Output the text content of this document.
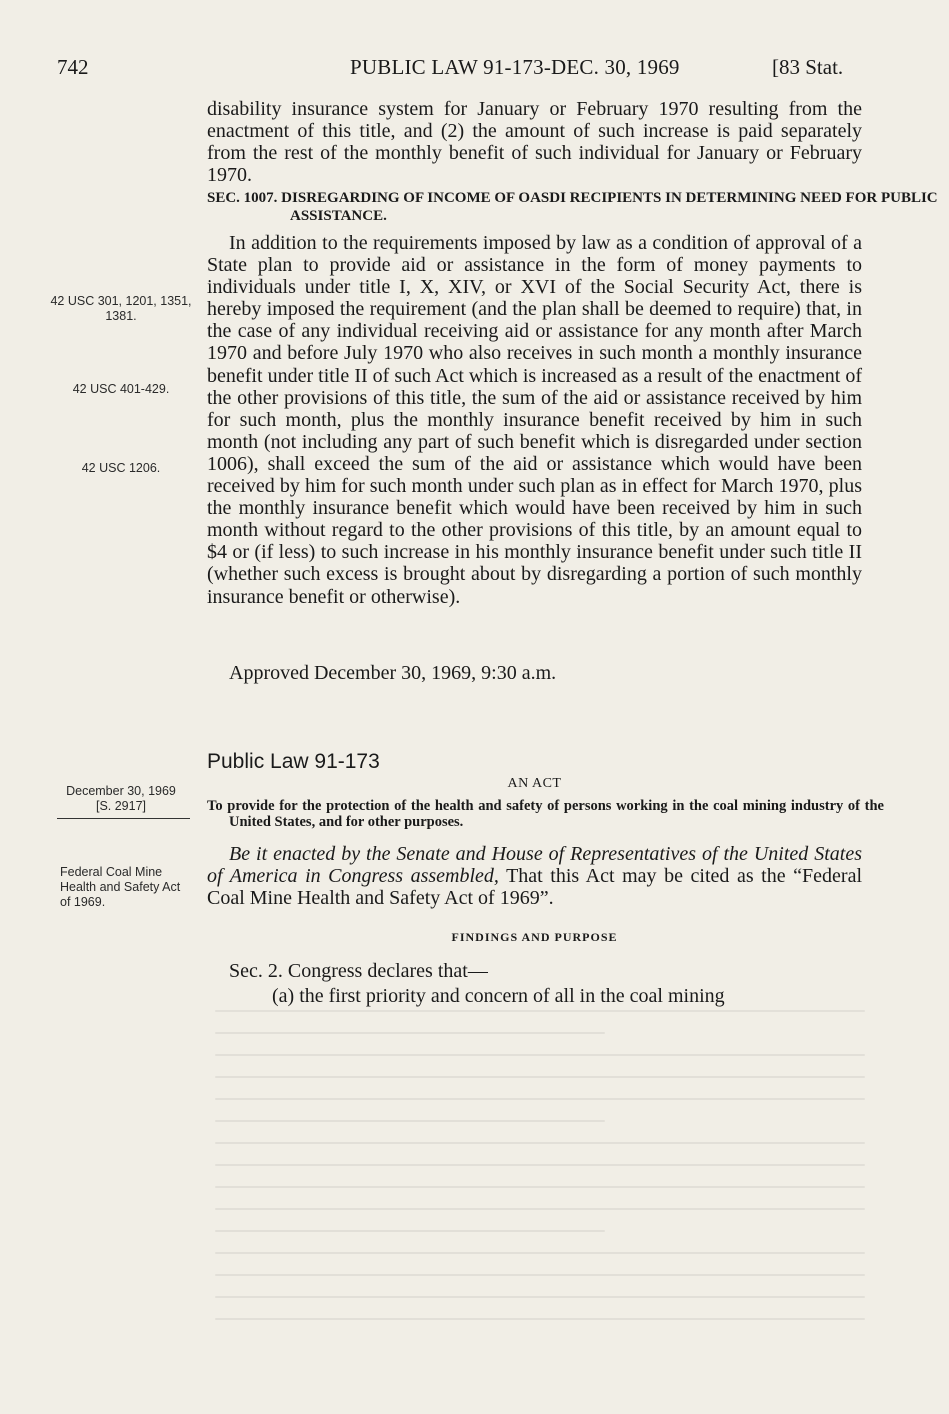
742	PUBLIC LAW 91-173-DEC. 30, 1969	[83 Stat.
disability insurance system for January or February 1970 resulting from the enactment of this title, and (2) the amount of such increase is paid separately from the rest of the monthly benefit of such individual for January or February 1970.
SEC. 1007. DISREGARDING OF INCOME OF OASDI RECIPIENTS IN DETERMINING NEED FOR PUBLIC ASSISTANCE.
In addition to the requirements imposed by law as a condition of approval of a State plan to provide aid or assistance in the form of money payments to individuals under title I, X, XIV, or XVI of the Social Security Act, there is hereby imposed the requirement (and the plan shall be deemed to require) that, in the case of any individual receiving aid or assistance for any month after March 1970 and before July 1970 who also receives in such month a monthly insurance benefit under title II of such Act which is increased as a result of the enactment of the other provisions of this title, the sum of the aid or assistance received by him for such month, plus the monthly insurance benefit received by him in such month (not including any part of such benefit which is disregarded under section 1006), shall exceed the sum of the aid or assistance which would have been received by him for such month under such plan as in effect for March 1970, plus the monthly insurance benefit which would have been received by him in such month without regard to the other provisions of this title, by an amount equal to $4 or (if less) to such increase in his monthly insurance benefit under such title II (whether such excess is brought about by disregarding a portion of such monthly insurance benefit or otherwise).
Approved December 30, 1969, 9:30 a.m.
42 USC 301, 1201, 1351, 1381.
42 USC 401-429.
42 USC 1206.
Public Law 91-173
AN ACT
To provide for the protection of the health and safety of persons working in the coal mining industry of the United States, and for other purposes.
December 30, 1969
[S. 2917]
Be it enacted by the Senate and House of Representatives of the United States of America in Congress assembled, That this Act may be cited as the “Federal Coal Mine Health and Safety Act of 1969”.
Federal Coal Mine Health and Safety Act of 1969.
FINDINGS AND PURPOSE
Sec. 2. Congress declares that—
(a) the first priority and concern of all in the coal mining
